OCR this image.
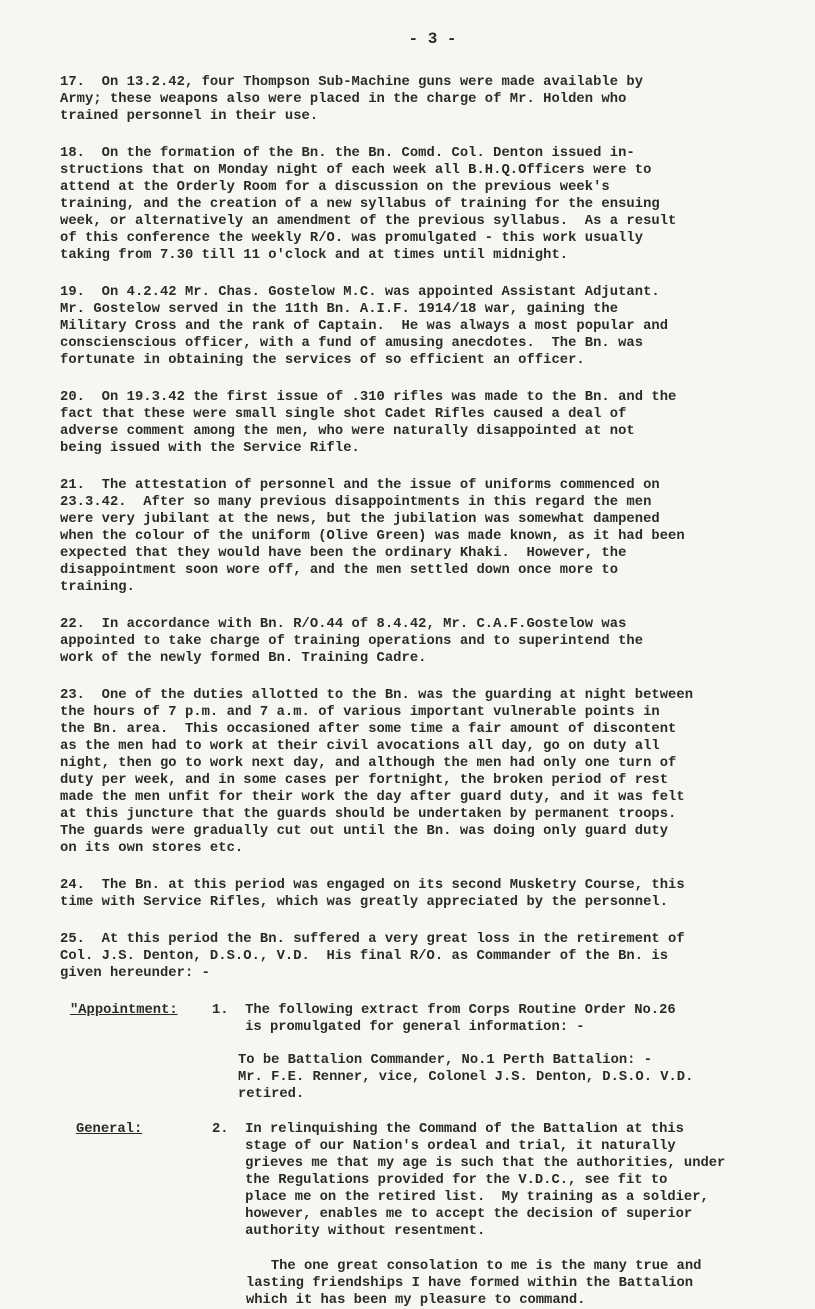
- 3 -
17.  On 13.2.42, four Thompson Sub-Machine guns were made available by
Army; these weapons also were placed in the charge of Mr. Holden who
trained personnel in their use.
18.  On the formation of the Bn. the Bn. Comd. Col. Denton issued in-
structions that on Monday night of each week all B.H.Q.Officers were to
attend at the Orderly Room for a discussion on the previous week's
training, and the creation of a new syllabus of training for the ensuing
week, or alternatively an amendment of the previous syllabus.  As a result
of this conference the weekly R/O. was promulgated - this work usually
taking from 7.30 till 11 o'clock and at times until midnight.
19.  On 4.2.42 Mr. Chas. Gostelow M.C. was appointed Assistant Adjutant.
Mr. Gostelow served in the 11th Bn. A.I.F. 1914/18 war, gaining the
Military Cross and the rank of Captain.  He was always a most popular and
conscienscious officer, with a fund of amusing anecdotes.  The Bn. was
fortunate in obtaining the services of so efficient an officer.
20.  On 19.3.42 the first issue of .310 rifles was made to the Bn. and the
fact that these were small single shot Cadet Rifles caused a deal of
adverse comment among the men, who were naturally disappointed at not
being issued with the Service Rifle.
21.  The attestation of personnel and the issue of uniforms commenced on
23.3.42.  After so many previous disappointments in this regard the men
were very jubilant at the news, but the jubilation was somewhat dampened
when the colour of the uniform (Olive Green) was made known, as it had been
expected that they would have been the ordinary Khaki.  However, the
disappointment soon wore off, and the men settled down once more to
training.
22.  In accordance with Bn. R/O.44 of 8.4.42, Mr. C.A.F.Gostelow was
appointed to take charge of training operations and to superintend the
work of the newly formed Bn. Training Cadre.
23.  One of the duties allotted to the Bn. was the guarding at night between
the hours of 7 p.m. and 7 a.m. of various important vulnerable points in
the Bn. area.  This occasioned after some time a fair amount of discontent
as the men had to work at their civil avocations all day, go on duty all
night, then go to work next day, and although the men had only one turn of
duty per week, and in some cases per fortnight, the broken period of rest
made the men unfit for their work the day after guard duty, and it was felt
at this juncture that the guards should be undertaken by permanent troops.
The guards were gradually cut out until the Bn. was doing only guard duty
on its own stores etc.
24.  The Bn. at this period was engaged on its second Musketry Course, this
time with Service Rifles, which was greatly appreciated by the personnel.
25.  At this period the Bn. suffered a very great loss in the retirement of
Col. J.S. Denton, D.S.O., V.D.  His final R/O. as Commander of the Bn. is
given hereunder: -
"Appointment:	1.  The following extract from Corps Routine Order No.26
is promulgated for general information: -
To be Battalion Commander, No.1 Perth Battalion: -
Mr. F.E. Renner, vice, Colonel J.S. Denton, D.S.O. V.D.
retired.
General:	2.  In relinquishing the Command of the Battalion at this
stage of our Nation's ordeal and trial, it naturally
grieves me that my age is such that the authorities, under
the Regulations provided for the V.D.C., see fit to
place me on the retired list.  My training as a soldier,
however, enables me to accept the decision of superior
authority without resentment.
The one great consolation to me is the many true and
lasting friendships I have formed within the Battalion
which it has been my pleasure to command.
